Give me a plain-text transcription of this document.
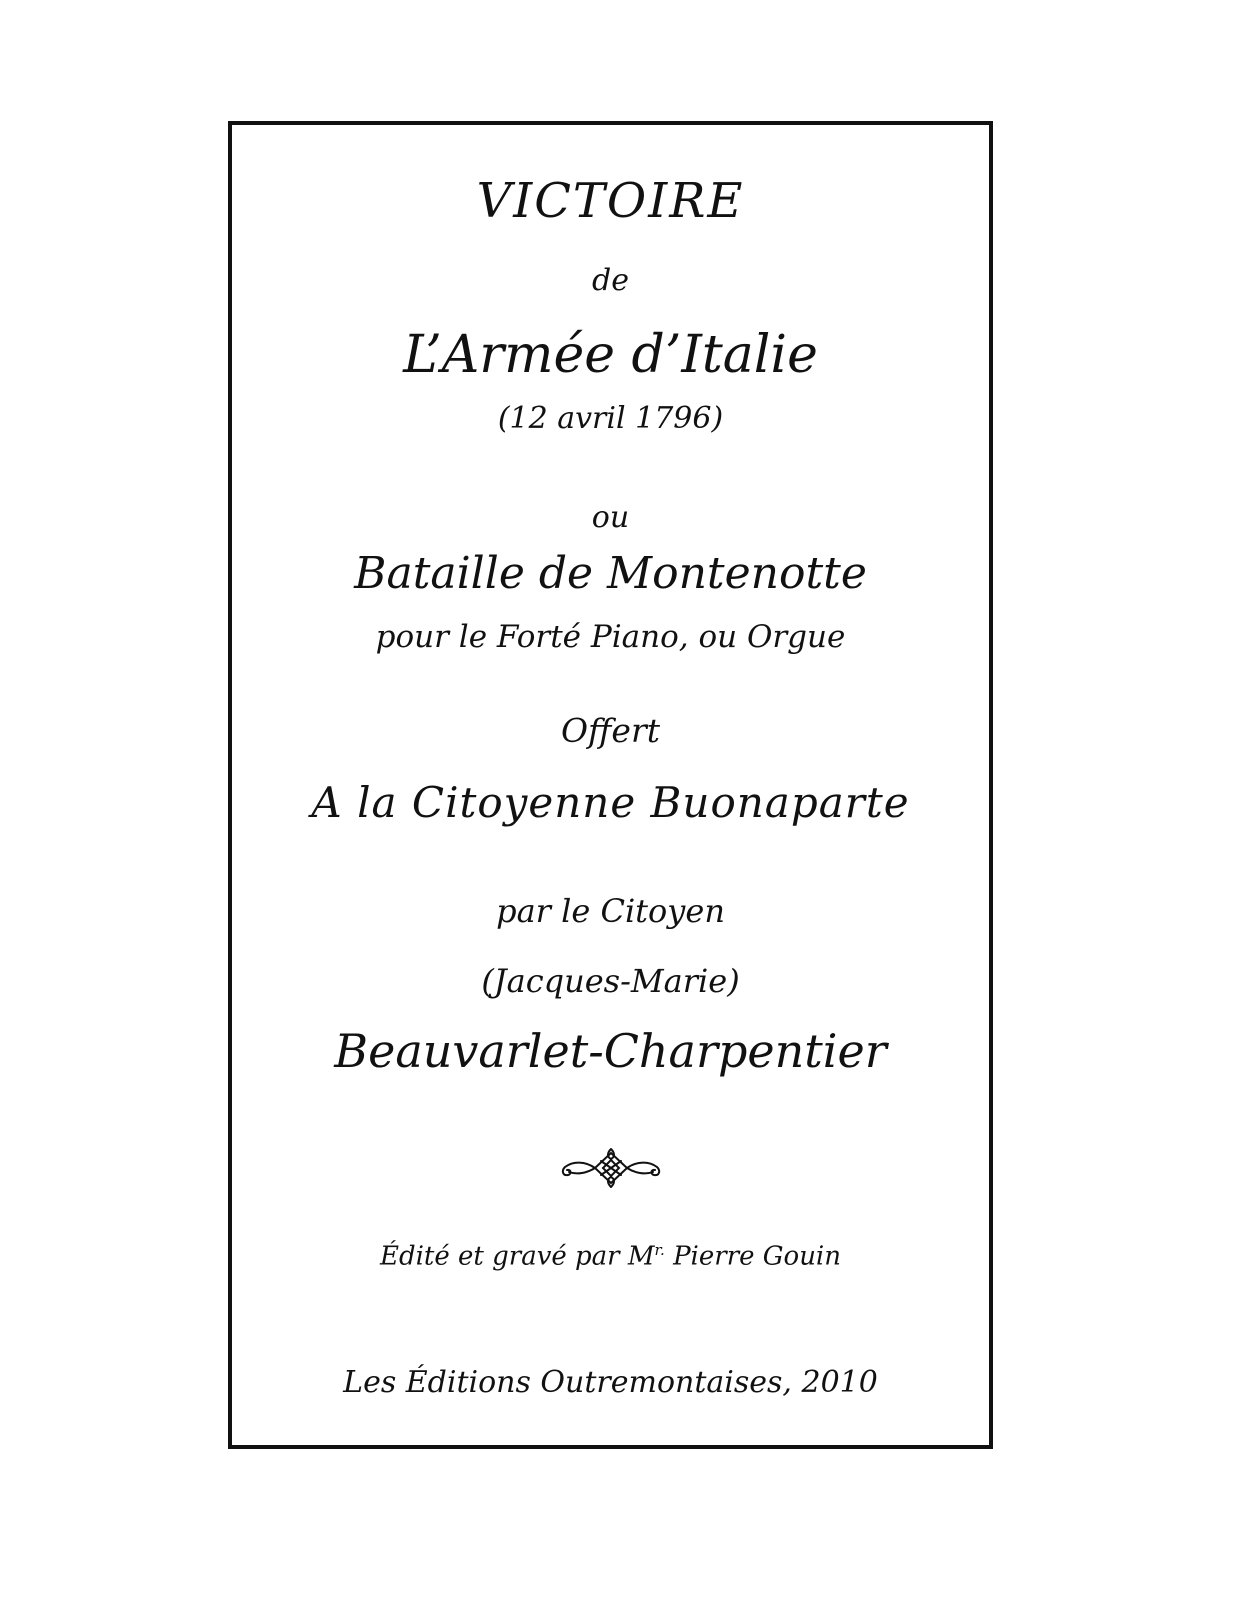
VICTOIRE
de
L’Armée d’Italie
(12 avril 1796)
ou
Bataille de Montenotte
pour le Forté Piano, ou Orgue
Offert
A la Citoyenne Buonaparte
par le Citoyen
(Jacques-Marie)
Beauvarlet-Charpentier
Édité et gravé par $M^{r.}$ Pierre Gouin
Les Éditions Outremontaises, 2010
